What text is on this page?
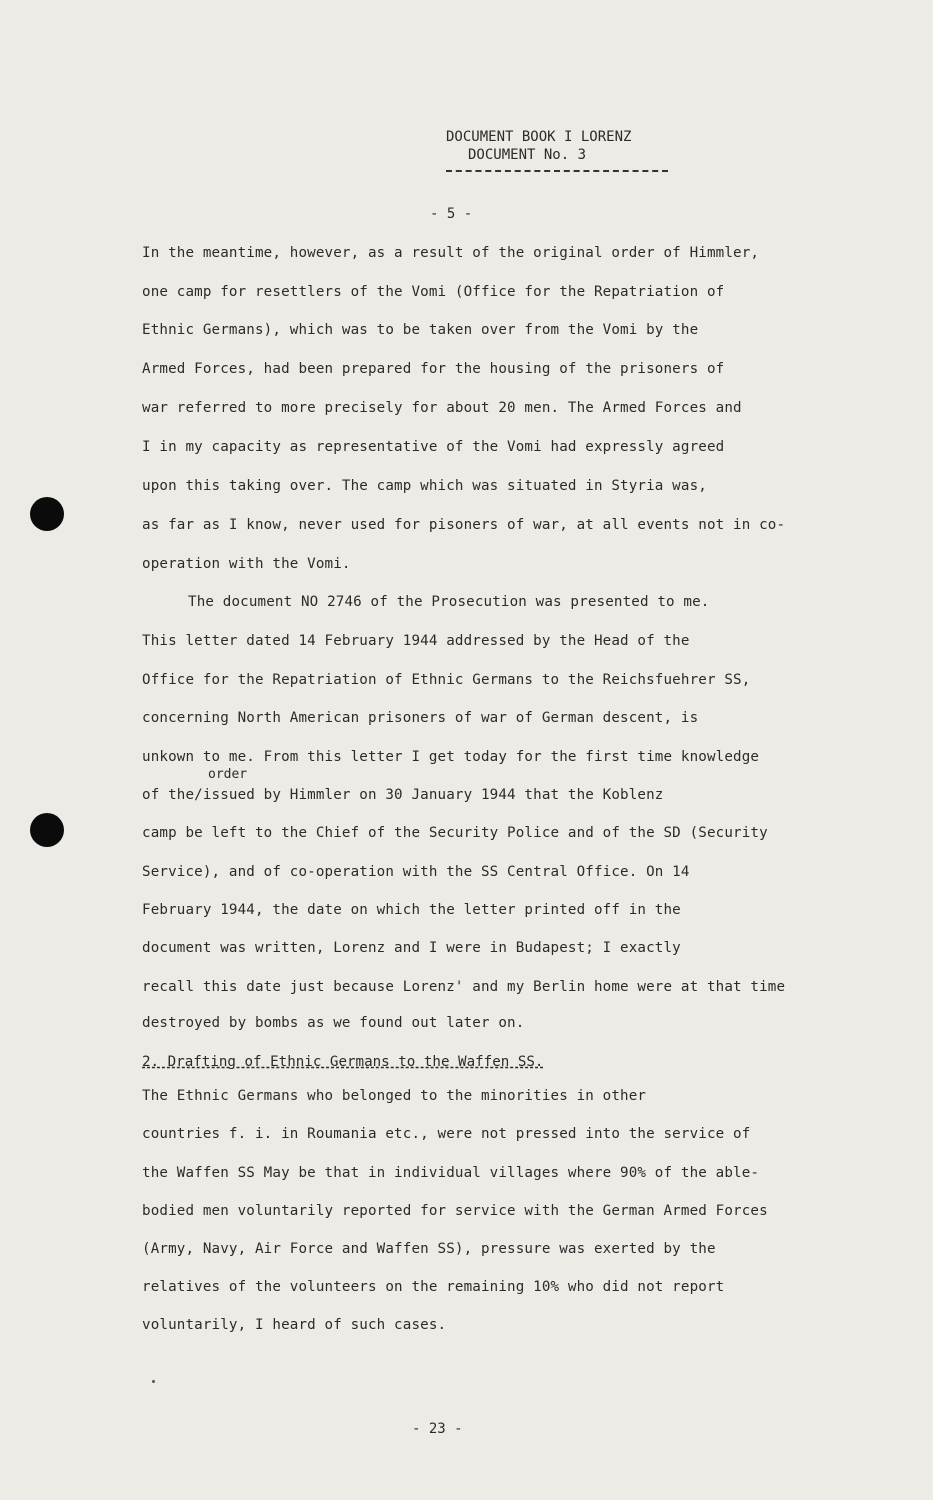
DOCUMENT BOOK I LORENZ
DOCUMENT No. 3
- 5 -
In the meantime, however, as a result of the original order of Himmler,
one camp for resettlers of the Vomi (Office for the Repatriation of
Ethnic Germans), which was to be taken over from the Vomi by the
Armed Forces, had been prepared for the housing of the prisoners of
war referred to more precisely for about 20 men. The Armed Forces and
I in my capacity as representative of the Vomi had expressly agreed
upon this taking over. The camp which was situated in Styria was,
as far as I know, never used for pisoners of war, at all events not in co-
operation with the Vomi.
The document NO 2746 of the Prosecution was presented to me.
This letter dated 14 February 1944 addressed by the Head of the
Office for the Repatriation of Ethnic Germans to the Reichsfuehrer SS,
concerning North American prisoners of war of German descent, is
unkown to me. From this letter I get today for the first time knowledge
order
of the/issued by Himmler on 30 January 1944 that the Koblenz
camp be left to the Chief of the Security Police and of the SD (Security
Service), and of co-operation with the SS Central Office. On 14
February 1944, the date on which the letter printed off in the
document was written, Lorenz and I were in Budapest; I exactly
recall this date just because Lorenz' and my Berlin home were at that time
destroyed by bombs as we found out later on.
2. Drafting of Ethnic Germans to the Waffen SS.
The Ethnic Germans who belonged to the minorities in other
countries f. i. in Roumania etc., were not pressed into the service of
the Waffen SS May be that in individual villages where 90% of the able-
bodied men voluntarily reported for service with the German Armed Forces
(Army, Navy, Air Force and Waffen SS), pressure was exerted by the
relatives of the volunteers on the remaining 10% who did not report
voluntarily, I heard of such cases.
- 23 -
